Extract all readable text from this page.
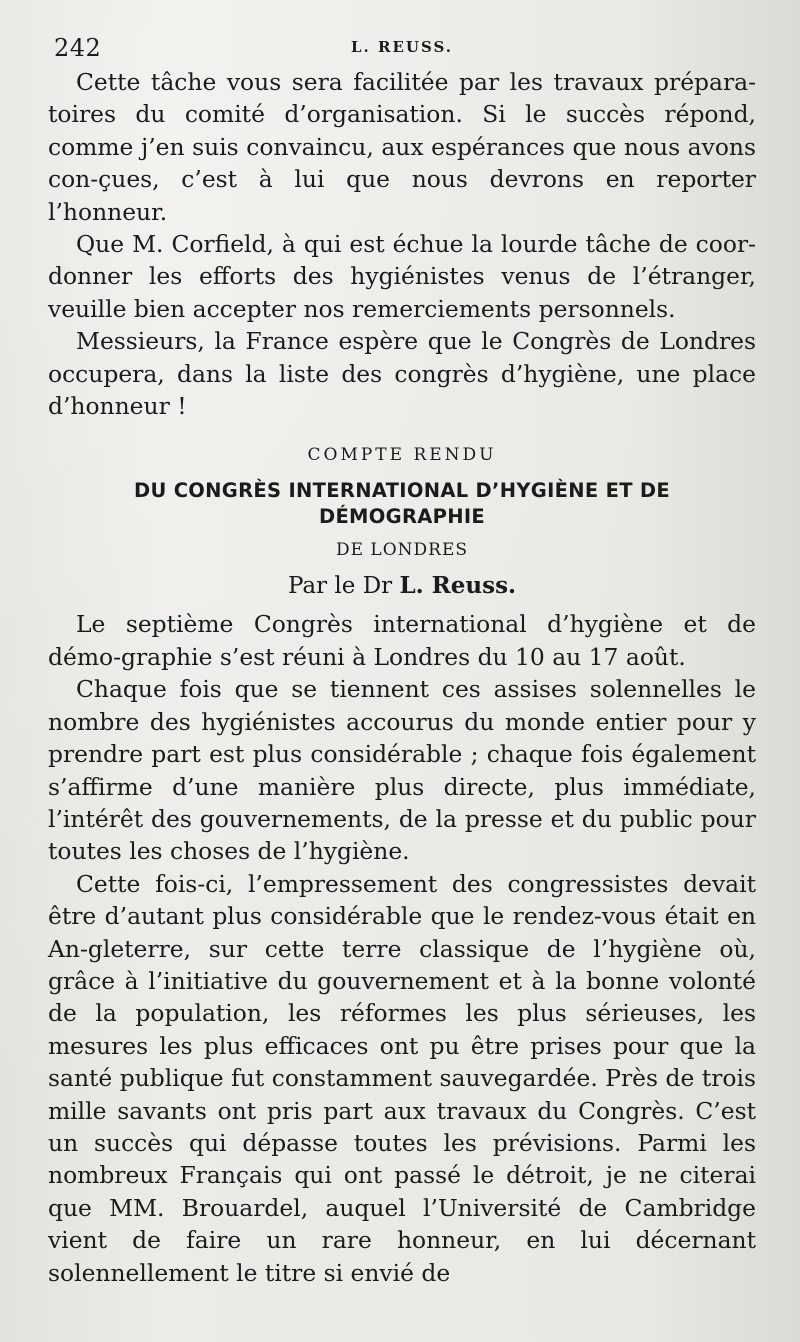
242	L. REUSS.

Cette tâche vous sera facilitée par les travaux prépara-toires du comité d’organisation. Si le succès répond, comme j’en suis convaincu, aux espérances que nous avons con-çues, c’est à lui que nous devrons en reporter l’honneur.

Que M. Corfield, à qui est échue la lourde tâche de coor-donner les efforts des hygiénistes venus de l’étranger, veuille bien accepter nos remerciements personnels.

Messieurs, la France espère que le Congrès de Londres occupera, dans la liste des congrès d’hygiène, une place d’honneur !

COMPTE RENDU

DU CONGRÈS INTERNATIONAL D’HYGIÈNE ET DE DÉMOGRAPHIE

DE LONDRES

Par le Dr L. Reuss.

Le septième Congrès international d’hygiène et de démo-graphie s’est réuni à Londres du 10 au 17 août.

Chaque fois que se tiennent ces assises solennelles le nombre des hygiénistes accourus du monde entier pour y prendre part est plus considérable ; chaque fois également s’affirme d’une manière plus directe, plus immédiate, l’intérêt des gouvernements, de la presse et du public pour toutes les choses de l’hygiène.

Cette fois-ci, l’empressement des congressistes devait être d’autant plus considérable que le rendez-vous était en An-gleterre, sur cette terre classique de l’hygiène où, grâce à l’initiative du gouvernement et à la bonne volonté de la population, les réformes les plus sérieuses, les mesures les plus efficaces ont pu être prises pour que la santé publique fut constamment sauvegardée. Près de trois mille savants ont pris part aux travaux du Congrès. C’est un succès qui dépasse toutes les prévisions. Parmi les nombreux Français qui ont passé le détroit, je ne citerai que MM. Brouardel, auquel l’Université de Cambridge vient de faire un rare honneur, en lui décernant solennellement le titre si envié de
